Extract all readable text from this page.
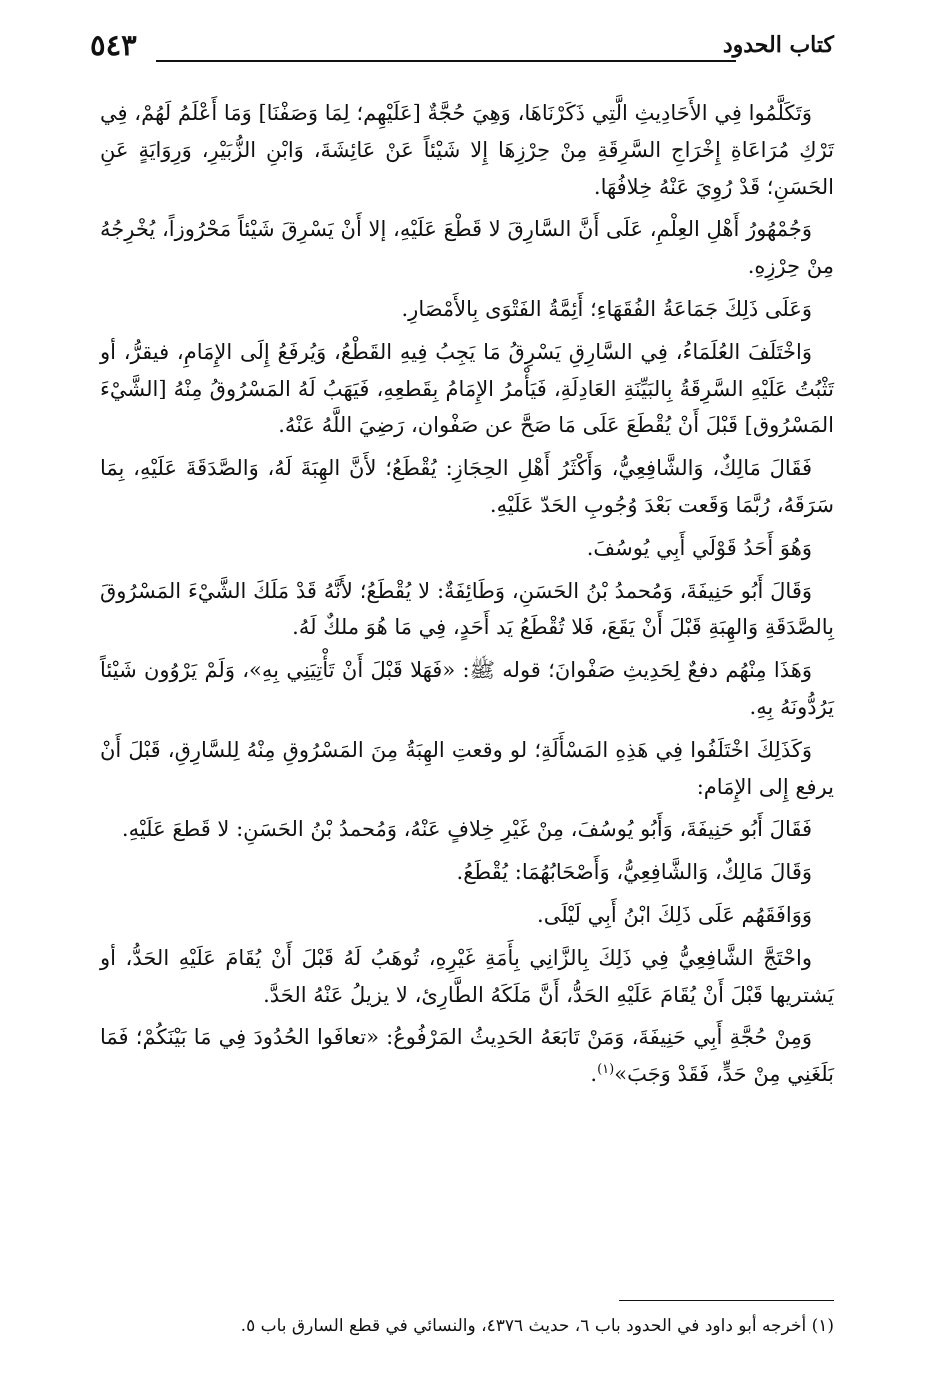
كتاب الحدود
٥٤٣

وَتَكَلَّمُوا فِي الأَحَادِيثِ الَّتِي ذَكَرْنَاهَا، وَهِيَ حُجَّةٌ [عَلَيْهِم؛ لِمَا وَصَفْنَا] وَمَا أَعْلَمُ لَهُمْ، فِي تَرْكِ مُرَاعَاةِ إِخْرَاجِ السَّرِقَةِ مِنْ حِرْزِهَا إِلا شَيْئاً عَنْ عَائِشَةَ، وَابْنِ الزُّبَيْرِ، وَرِوَايَةٍ عَنِ الحَسَنِ؛ قَدْ رُوِيَ عَنْهُ خِلافُهَا.

وَجُمْهُورُ أَهْلِ العِلْمِ، عَلَى أَنَّ السَّارِقَ لا قَطْعَ عَلَيْهِ، إلا أَنْ يَسْرِقَ شَيْئاً مَحْرُوزاً، يُخْرِجُهُ مِنْ حِرْزِهِ.

وَعَلَى ذَلِكَ جَمَاعَةُ الفُقَهَاءِ؛ أَئِمَّةُ الفَتْوَى بِالأَمْصَارِ.

وَاخْتَلَفَ العُلَمَاءُ، فِي السَّارِقِ يَسْرِقُ مَا يَجِبُ فِيهِ القَطْعُ، وَيُرفَعُ إِلَى الإِمَامِ، فيقرُّ، أو تَثْبُتُ عَلَيْهِ السَّرِقَةُ بِالبَيِّنَةِ العَادِلَةِ، فَيَأْمرُ الإِمَامُ بِقَطعِهِ، فَيَهَبُ لَهُ المَسْرُوقُ مِنْهُ [الشَّيْءَ المَسْرُوق] قَبْلَ أَنْ يُقْطَعَ عَلَى مَا صَحَّ عن صَفْوان، رَضِيَ اللَّهُ عَنْهُ.

فَقَالَ مَالِكٌ، وَالشَّافِعِيُّ، وَأَكْثَرُ أَهْلِ الحِجَازِ: يُقْطَعُ؛ لأَنَّ الهِبَةَ لَهُ، وَالصَّدَقَةَ عَلَيْهِ، بِمَا سَرَقَهُ، رُبَّمَا وَقَعت بَعْدَ وُجُوبِ الحَدّ عَلَيْهِ.

وَهُوَ أَحَدُ قَوْلَي أَبِي يُوسُفَ.

وَقَالَ أَبُو حَنِيفَةَ، وَمُحمدُ بْنُ الحَسَنِ، وَطَائِفَةٌ: لا يُقْطَعُ؛ لأَنَّهُ قَدْ مَلَكَ الشَّيْءَ المَسْرُوقَ بِالصَّدَقَةِ وَالهِبَةِ قَبْلَ أَنْ يَقَعَ، فَلا تُقْطَعُ يَد أَحَدٍ، فِي مَا هُوَ ملكٌ لَهُ.

وَهَذَا مِنْهُم دفعٌ لِحَدِيثِ صَفْوانَ؛ قوله ﷺ: «فَهَلا قَبْلَ أَنْ تَأْتِيَنِي بِهِ»، وَلَمْ يَرْوُون شَيْئاً يَرُدُّونَهُ بِهِ.

وَكَذَلِكَ اخْتَلَفُوا فِي هَذِهِ المَسْأَلَةِ؛ لو وقعتِ الهِبَةُ مِنَ المَسْرُوقِ مِنْهُ لِلسَّارِقِ، قَبْلَ أَنْ يرفع إِلى الإِمَام:

فَقَالَ أَبُو حَنِيفَةَ، وَأَبُو يُوسُفَ، مِنْ غَيْرِ خِلافٍ عَنْهُ، وَمُحمدُ بْنُ الحَسَنِ: لا قَطعَ عَلَيْهِ.

وَقَالَ مَالِكٌ، وَالشَّافِعِيُّ، وَأَصْحَابُهُمَا: يُقْطَعُ.

وَوَافَقَهُم عَلَى ذَلِكَ ابْنُ أَبِي لَيْلَى.

واحْتَجَّ الشَّافِعِيُّ فِي ذَلِكَ بِالزَّانِي بِأَمَةِ غَيْرِهِ، تُوهَبُ لَهُ قَبْلَ أَنْ يُقَامَ عَلَيْهِ الحَدُّ، أو يَشتريها قَبْلَ أَنْ يُقَامَ عَلَيْهِ الحَدُّ، أَنَّ مَلَكَهُ الطَّارِئ، لا يزيلُ عَنْهُ الحَدَّ.

وَمِنْ حُجَّةِ أَبِي حَنِيفَةَ، وَمَنْ تَابَعَهُ الحَدِيثُ المَرْفُوعُ: «تعافَوا الحُدُودَ فِي مَا بَيْنَكُمْ؛ فَمَا بَلَغَنِي مِنْ حَدٍّ، فَقَدْ وَجَبَ»$^{(١)}$.

(١) أخرجه أبو داود في الحدود باب ٦، حديث ٤٣٧٦، والنسائي في قطع السارق باب ٥.
